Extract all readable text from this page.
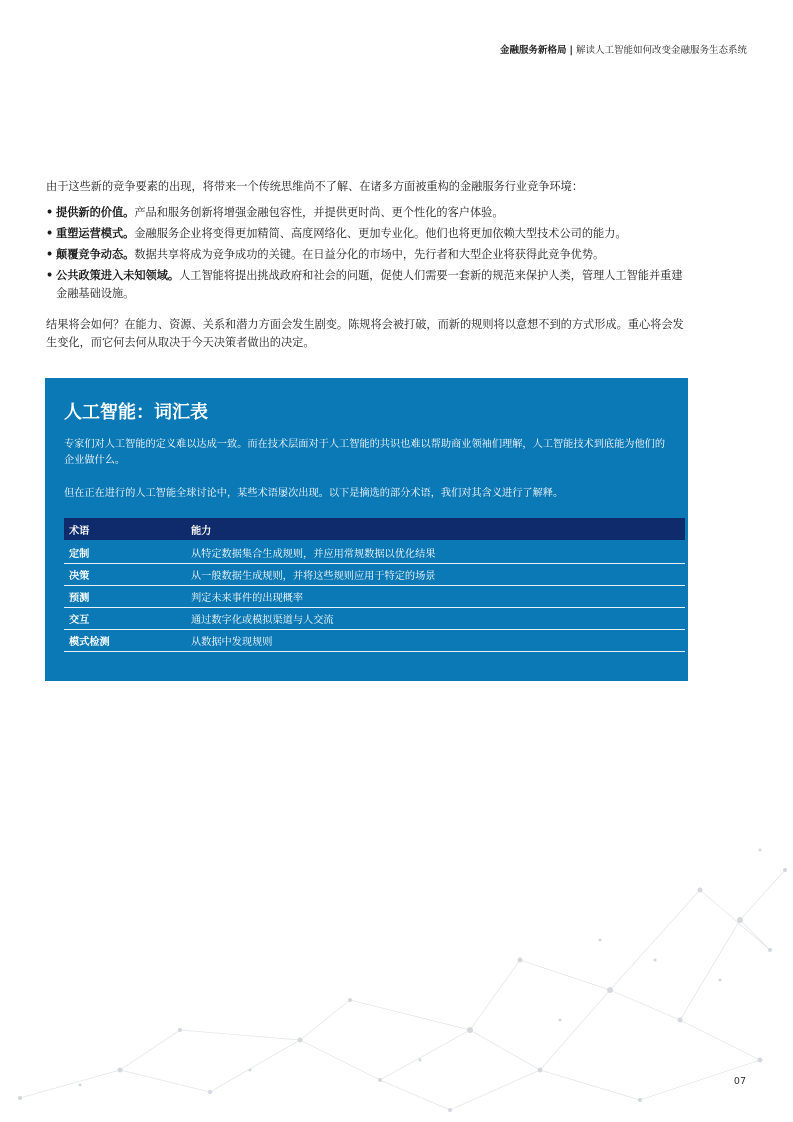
金融服务新格局 | 解读人工智能如何改变金融服务生态系统

由于这些新的竞争要素的出现，将带来一个传统思维尚不了解、在诸多方面被重构的金融服务行业竞争环境：

• 提供新的价值。产品和服务创新将增强金融包容性，并提供更时尚、更个性化的客户体验。
• 重塑运营模式。金融服务企业将变得更加精简、高度网络化、更加专业化。他们也将更加依赖大型技术公司的能力。
• 颠覆竞争动态。数据共享将成为竞争成功的关键。在日益分化的市场中，先行者和大型企业将获得此竞争优势。
• 公共政策进入未知领域。人工智能将提出挑战政府和社会的问题，促使人们需要一套新的规范来保护人类，管理人工智能并重建金融基础设施。

结果将会如何？在能力、资源、关系和潜力方面会发生剧变。陈规将会被打破，而新的规则将以意想不到的方式形成。重心将会发生变化，而它何去何从取决于今天决策者做出的决定。

人工智能：词汇表

专家们对人工智能的定义难以达成一致。而在技术层面对于人工智能的共识也难以帮助商业领袖们理解，人工智能技术到底能为他们的企业做什么。

但在正在进行的人工智能全球讨论中，某些术语屡次出现。以下是摘选的部分术语，我们对其含义进行了解释。

术语	能力
定制	从特定数据集合生成规则，并应用常规数据以优化结果
决策	从一般数据生成规则，并将这些规则应用于特定的场景
预测	判定未来事件的出现概率
交互	通过数字化或模拟渠道与人交流
模式检测	从数据中发现规则
07
